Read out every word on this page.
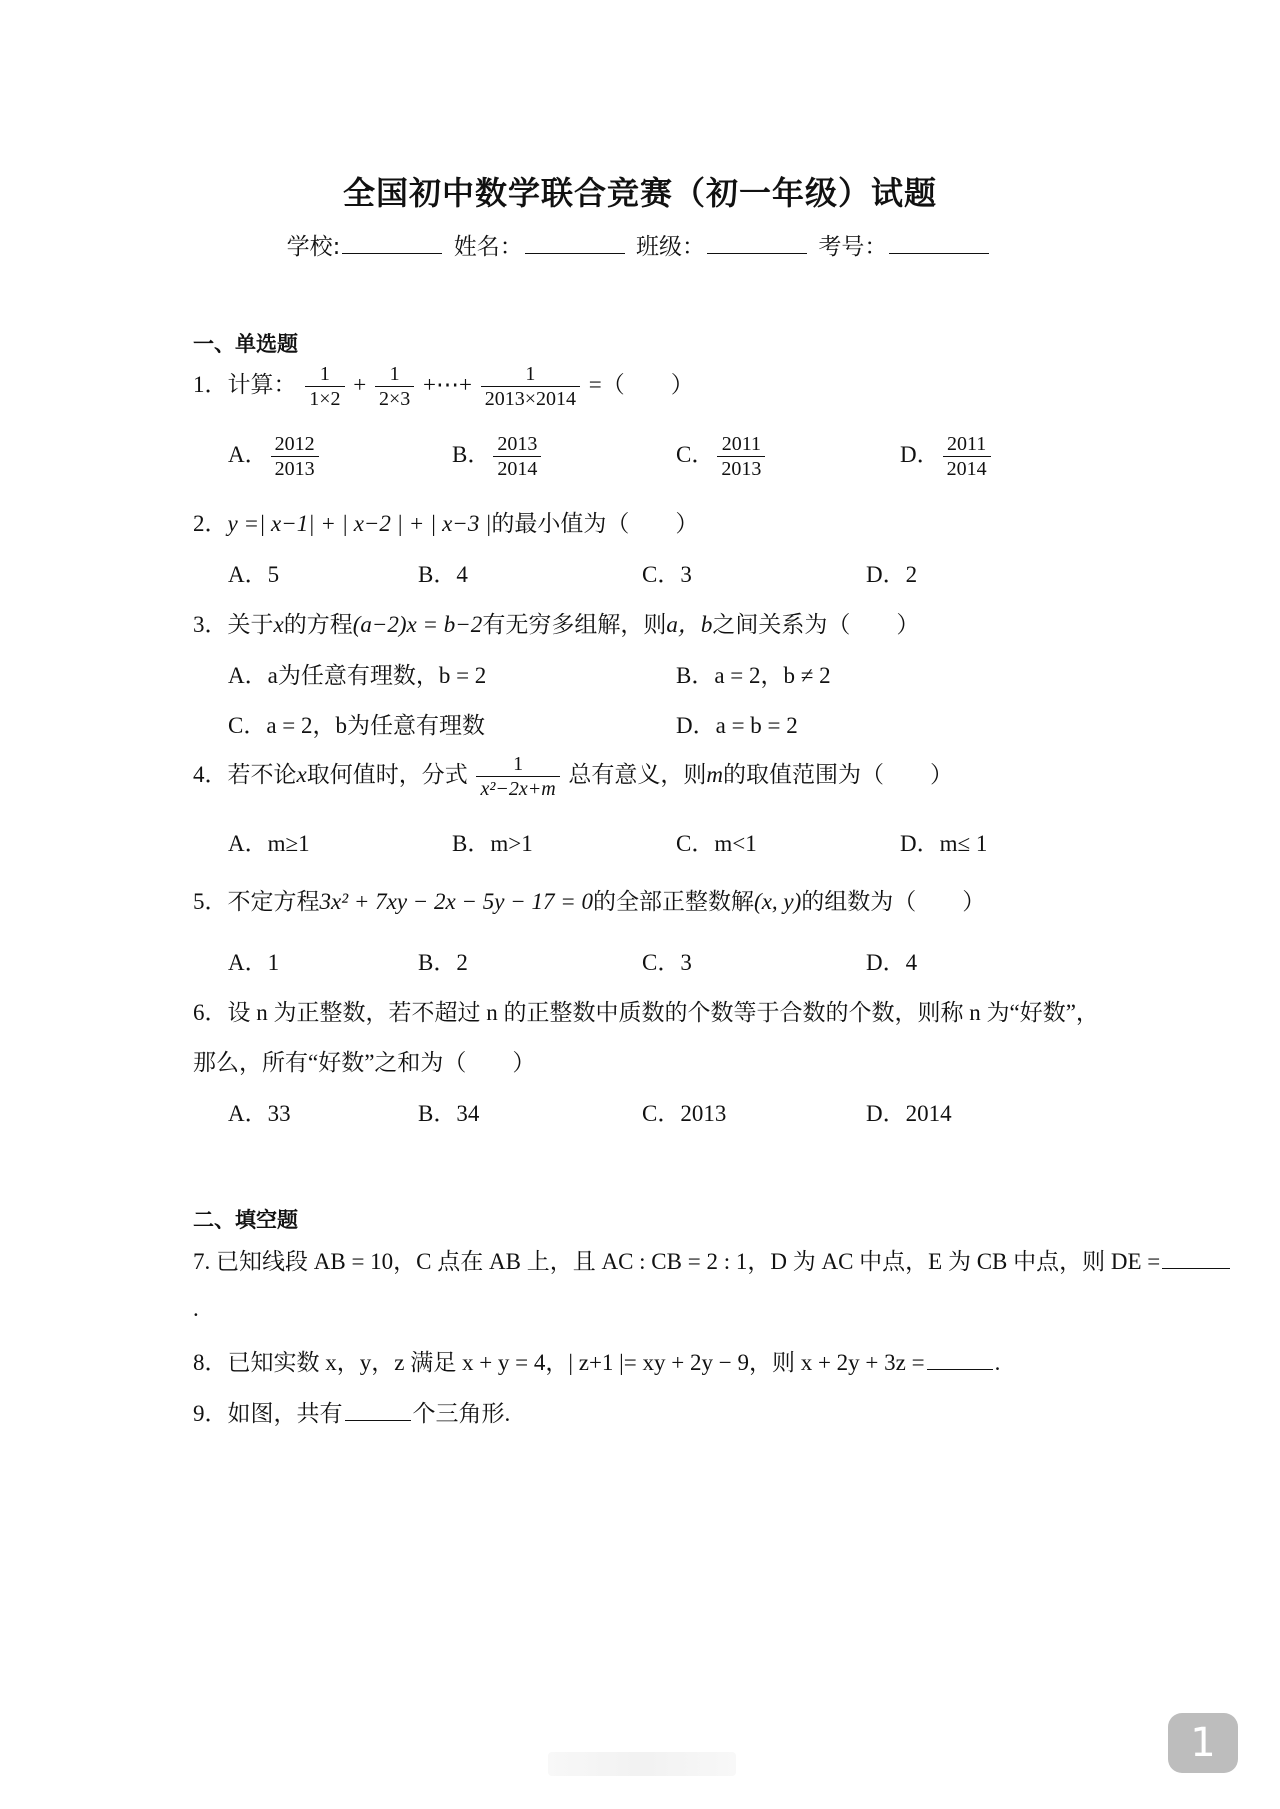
全国初中数学联合竞赛（初一年级）试题
学校:	姓名：	班级：	考号：
一、单选题
1．计算： $\frac{1}{1\times 2} + \frac{1}{2\times 3}$ +⋯+ $\frac{1}{2013\times 2014}$ =（　　）
A． $\frac{2012}{2013}$	B． $\frac{2013}{2014}$	C． $\frac{2011}{2013}$	D． $\frac{2011}{2014}$
2．y =| x−1| + | x−2 | + | x−3 |的最小值为（　　）
A．5	B．4	C．3	D．2
3．关于x的方程(a−2)x = b−2有无穷多组解，则a，b之间关系为（　　）
A．a为任意有理数，b = 2	B．a = 2，b ≠ 2
C．a = 2，b为任意有理数	D．a = b = 2
4．若不论x取何值时，分式 $\frac{1}{\text{x²−2x+m}}$ 总有意义，则m的取值范围为（　　）
A．m≥1	B．m>1	C．m<1	D．m≤ 1
5．不定方程3x² + 7xy − 2x − 5y − 17 = 0的全部正整数解(x, y)的组数为（　　）
A．1	B．2	C．3	D．4
6．设 n 为正整数，若不超过 n 的正整数中质数的个数等于合数的个数，则称 n 为“好数”，
那么，所有“好数”之和为（　　）
A．33	B．34	C．2013	D．2014
二、填空题
7. 已知线段 AB = 10，C 点在 AB 上，且 AC : CB = 2 : 1，D 为 AC 中点，E 为 CB 中点，则 DE =
.
8．已知实数 x，y，z 满足 x + y = 4，| z+1 |= xy + 2y − 9，则 x + 2y + 3z =	.
9．如图，共有	个三角形.
1
